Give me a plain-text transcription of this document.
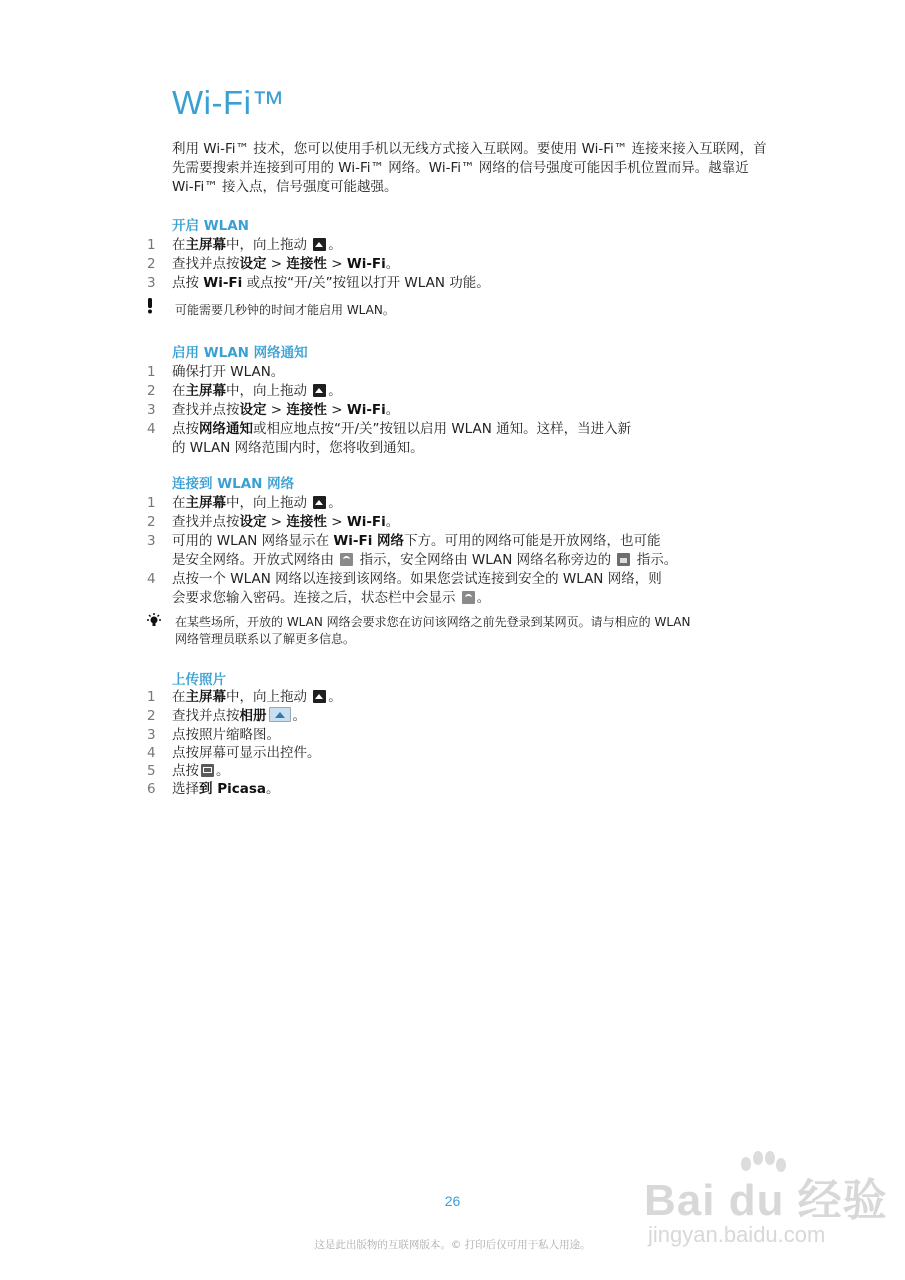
Wi-Fi™

利用 Wi-Fi™ 技术，您可以使用手机以无线方式接入互联网。要使用 Wi-Fi™ 连接来接入互联网，首先需要搜索并连接到可用的 Wi-Fi™ 网络。Wi-Fi™ 网络的信号强度可能因手机位置而异。越靠近 Wi-Fi™ 接入点，信号强度可能越强。

开启 WLAN
1 在主屏幕中，向上拖动 。
2 查找并点按设定 > 连接性 > Wi-Fi。
3 点按 Wi-Fi 或点按“开/关”按钮以打开 WLAN 功能。
可能需要几秒钟的时间才能启用 WLAN。
启用 WLAN 网络通知
1 确保打开 WLAN。
2 在主屏幕中，向上拖动 。
3 查找并点按设定 > 连接性 > Wi-Fi。
4 点按网络通知或相应地点按“开/关”按钮以启用 WLAN 通知。这样，当进入新
的 WLAN 网络范围内时，您将收到通知。
连接到 WLAN 网络
1 在主屏幕中，向上拖动 。
2 查找并点按设定 > 连接性 > Wi-Fi。
3 可用的 WLAN 网络显示在 Wi-Fi 网络下方。可用的网络可能是开放网络，也可能
是安全网络。开放式网络由  指示，安全网络由 WLAN 网络名称旁边的  指示。
4 点按一个 WLAN 网络以连接到该网络。如果您尝试连接到安全的 WLAN 网络，则
会要求您输入密码。连接之后，状态栏中会显示 。
在某些场所，开放的 WLAN 网络会要求您在访问该网络之前先登录到某网页。请与相应的 WLAN
网络管理员联系以了解更多信息。
上传照片
1 在主屏幕中，向上拖动 。
2 查找并点按相册 。
3 点按照片缩略图。
4 点按屏幕可显示出控件。
5 点按 。
6 选择到 Picasa。
Bai du 经验
jingyan.baidu.com
26
这是此出版物的互联网版本。© 打印后仅可用于私人用途。
